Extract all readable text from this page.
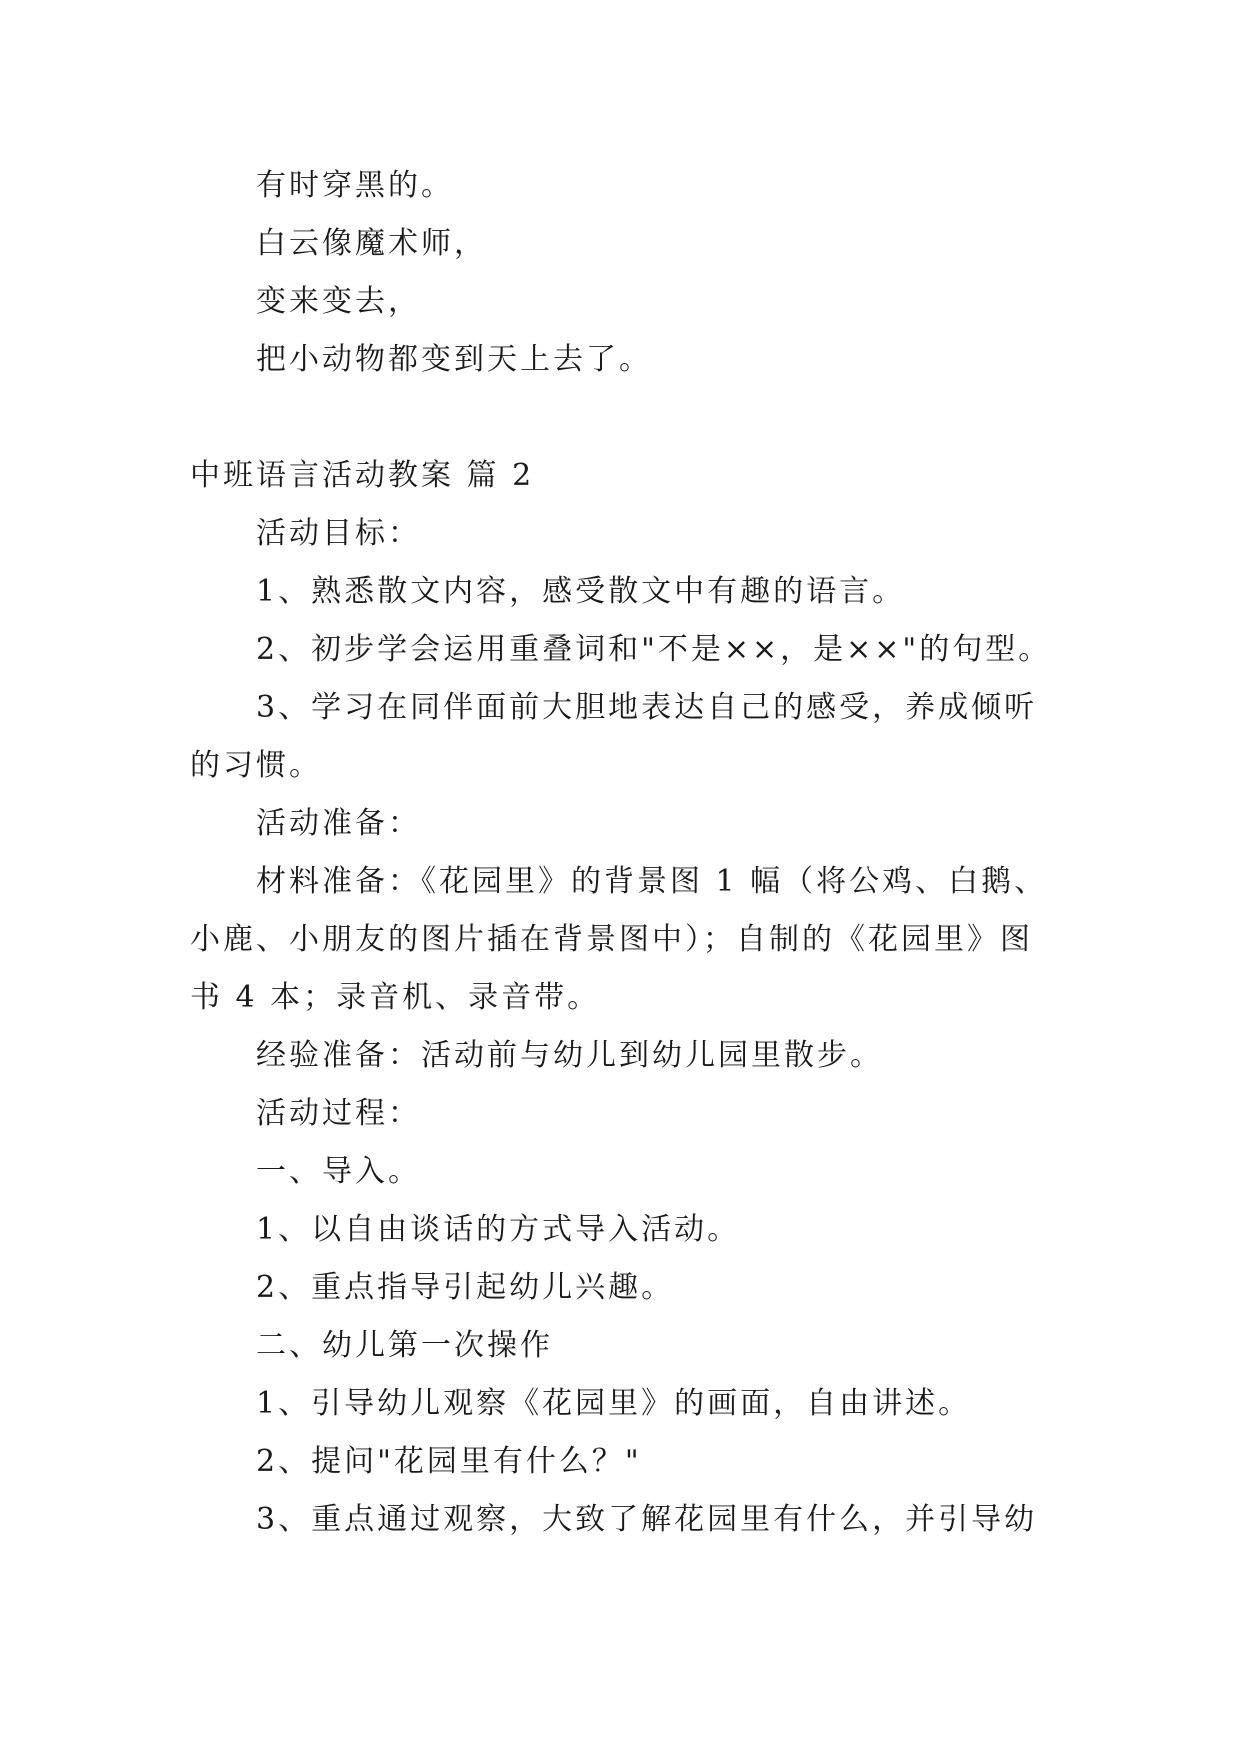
有时穿黑的。
白云像魔术师，
变来变去，
把小动物都变到天上去了。
中班语言活动教案 篇 2
活动目标：
1、熟悉散文内容，感受散文中有趣的语言。
2、初步学会运用重叠词和"不是××，是××"的句型。
3、学习在同伴面前大胆地表达自己的感受，养成倾听
的习惯。
活动准备：
材料准备：《花园里》的背景图 1 幅（将公鸡、白鹅、
小鹿、小朋友的图片插在背景图中）；自制的《花园里》图
书 4 本；录音机、录音带。
经验准备：活动前与幼儿到幼儿园里散步。
活动过程：
一、导入。
1、以自由谈话的方式导入活动。
2、重点指导引起幼儿兴趣。
二、幼儿第一次操作
1、引导幼儿观察《花园里》的画面，自由讲述。
2、提问"花园里有什么？"
3、重点通过观察，大致了解花园里有什么，并引导幼
